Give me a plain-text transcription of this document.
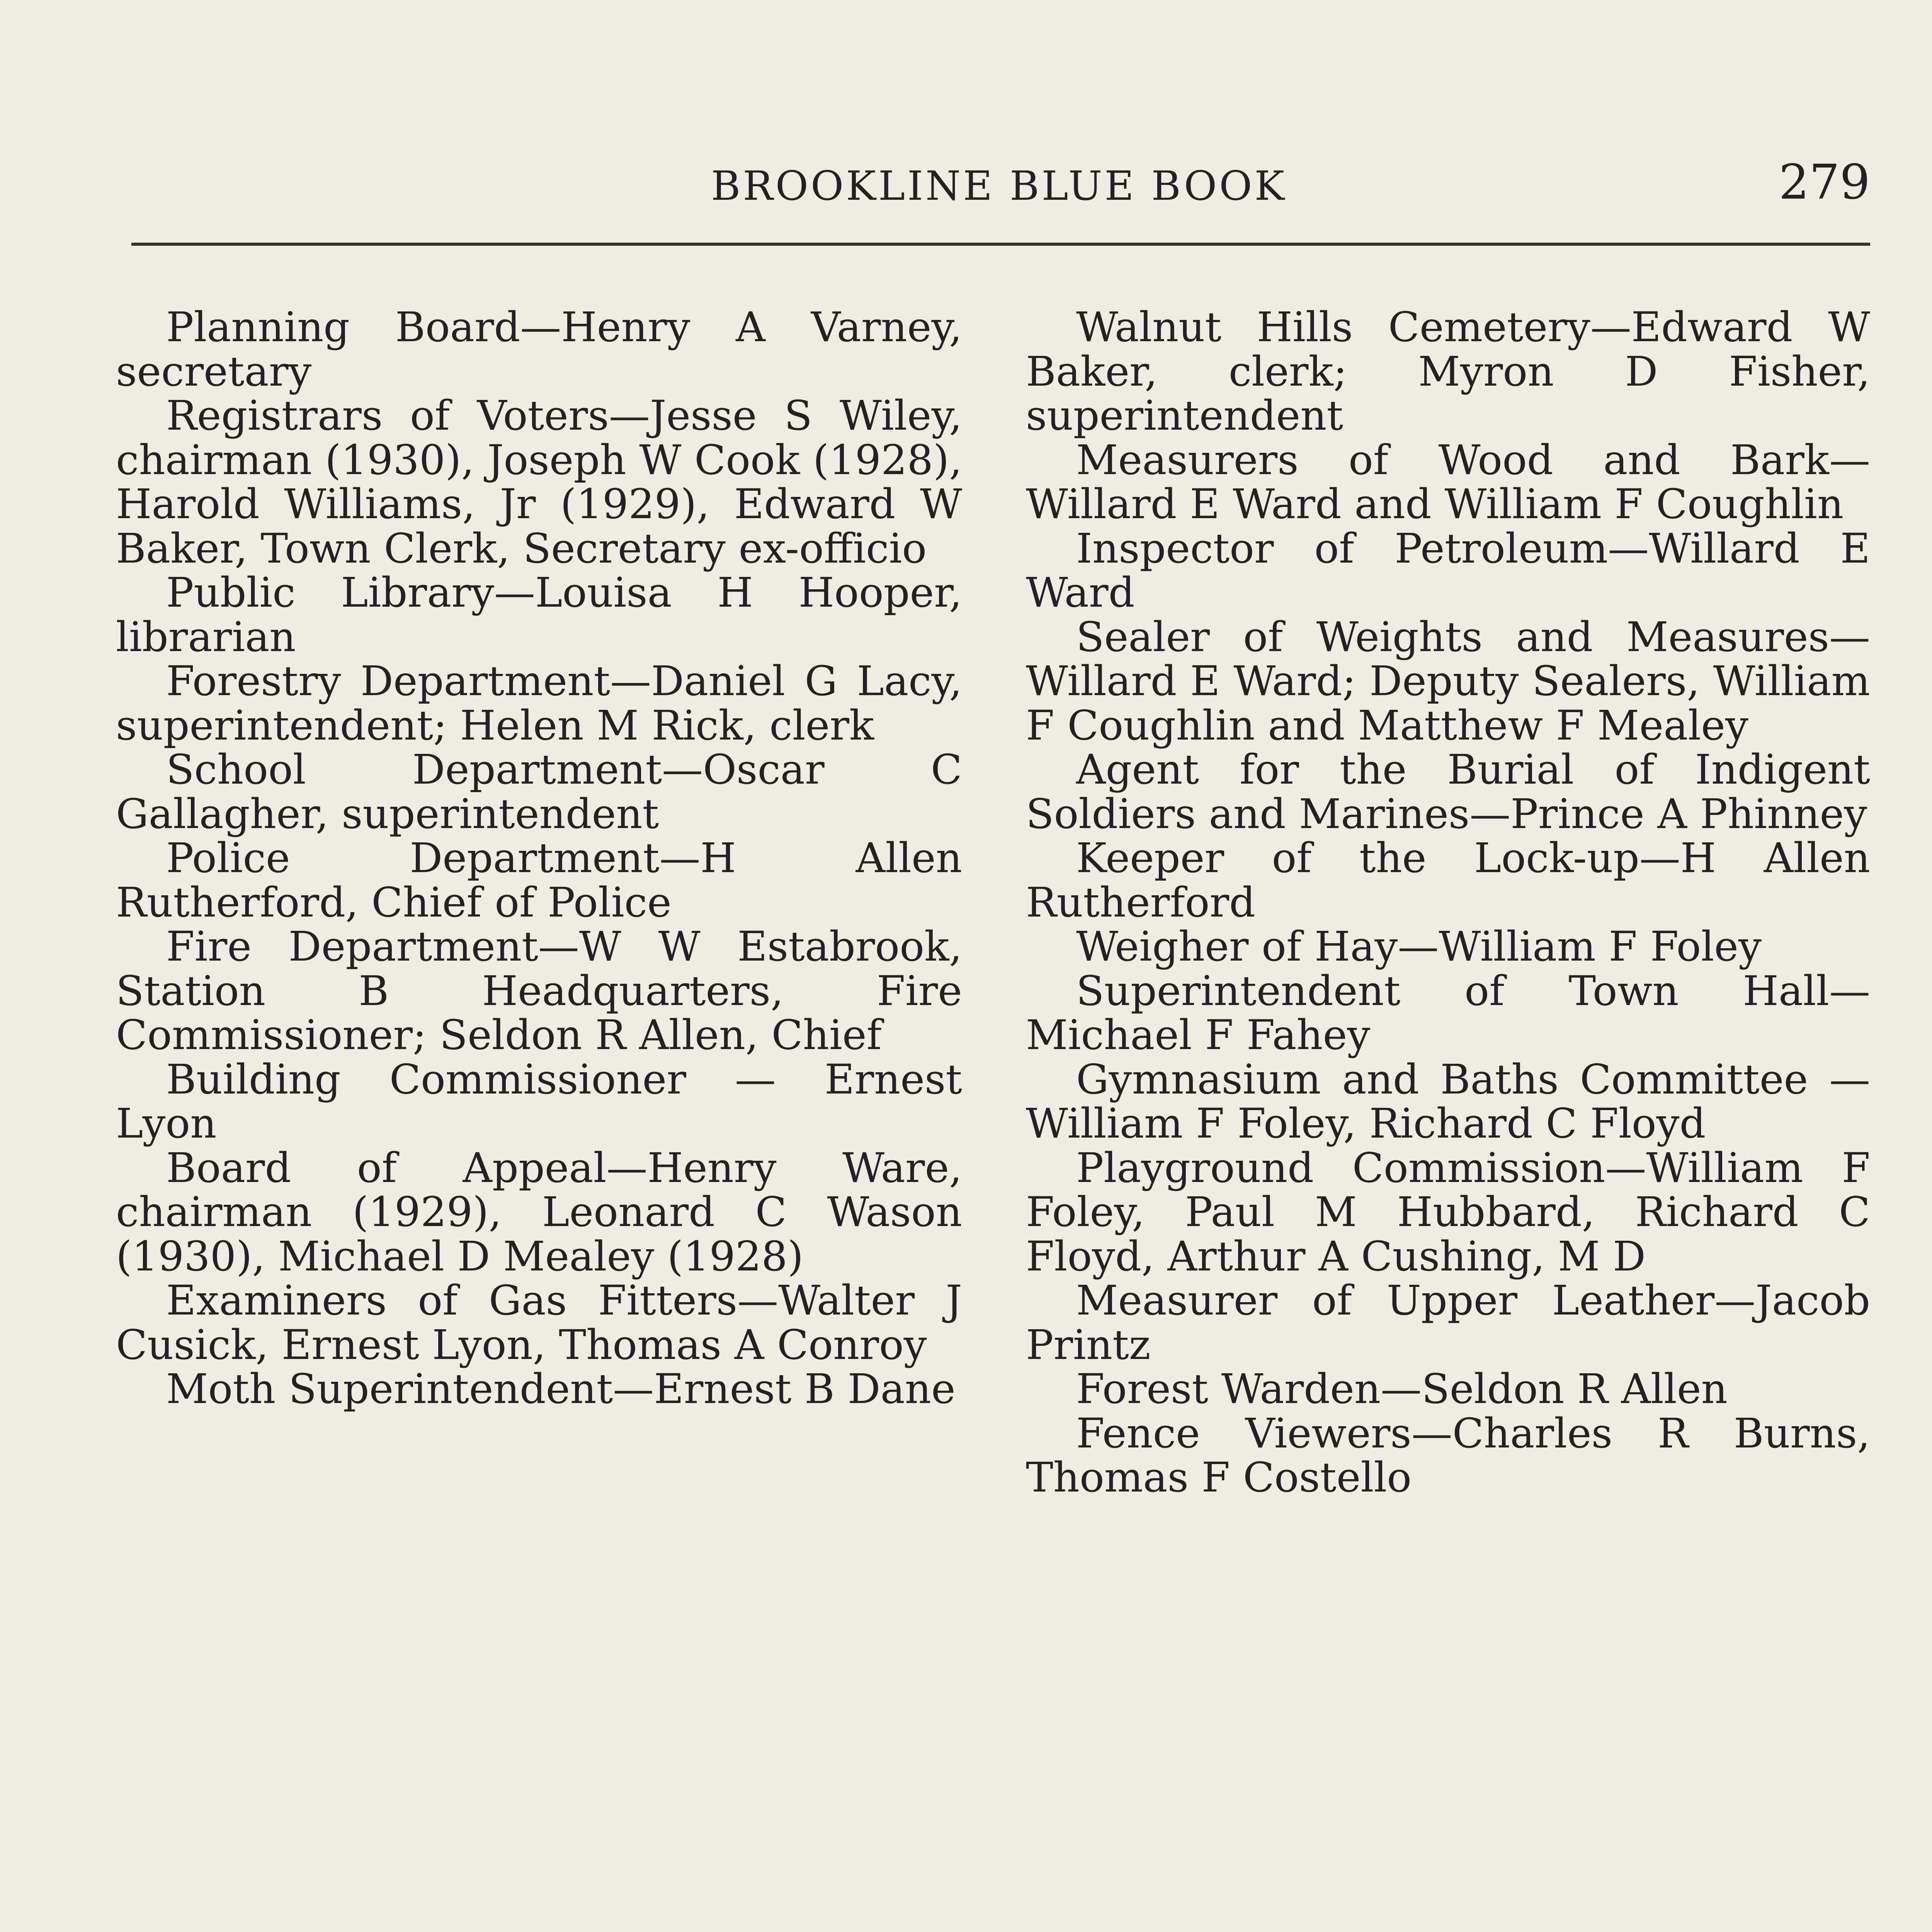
BROOKLINE BLUE BOOK	279

Planning Board—Henry A Varney, secretary

Registrars of Voters—Jesse S Wiley, chairman (1930), Joseph W Cook (1928), Harold Williams, Jr (1929), Edward W Baker, Town Clerk, Secretary ex-officio

Public Library—Louisa H Hooper, librarian

Forestry Department—Daniel G Lacy, superintendent; Helen M Rick, clerk

School Department—Oscar C Gallagher, superintendent

Police Department—H Allen Rutherford, Chief of Police

Fire Department—W W Estabrook, Station B Headquarters, Fire Commissioner; Seldon R Allen, Chief

Building Commissioner — Ernest Lyon

Board of Appeal—Henry Ware, chairman (1929), Leonard C Wason (1930), Michael D Mealey (1928)

Examiners of Gas Fitters—Walter J Cusick, Ernest Lyon, Thomas A Conroy

Moth Superintendent—Ernest B Dane

Walnut Hills Cemetery—Edward W Baker, clerk; Myron D Fisher, superintendent

Measurers of Wood and Bark—Willard E Ward and William F Coughlin

Inspector of Petroleum—Willard E Ward

Sealer of Weights and Measures—Willard E Ward; Deputy Sealers, William F Coughlin and Matthew F Mealey

Agent for the Burial of Indigent Soldiers and Marines—Prince A Phinney

Keeper of the Lock-up—H Allen Rutherford

Weigher of Hay—William F Foley

Superintendent of Town Hall— Michael F Fahey

Gymnasium and Baths Committee —William F Foley, Richard C Floyd

Playground Commission—William F Foley, Paul M Hubbard, Richard C Floyd, Arthur A Cushing, M D

Measurer of Upper Leather—Jacob Printz

Forest Warden—Seldon R Allen

Fence Viewers—Charles R Burns, Thomas F Costello
